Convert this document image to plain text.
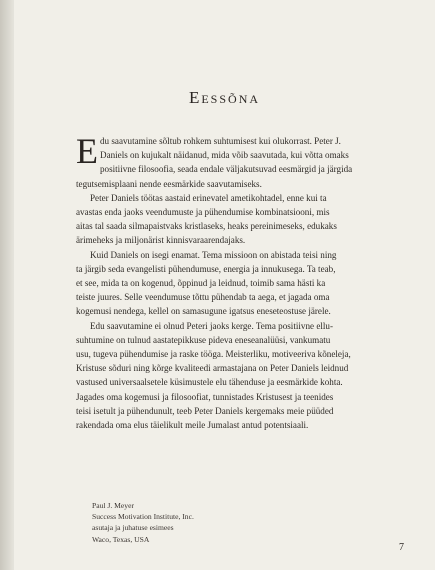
Eessõna
E du saavutamine sõltub rohkem suhtumisest kui olukorrast. Peter J.
Daniels on kujukalt näidanud, mida võib saavutada, kui võtta omaks
positiivne filosoofia, seada endale väljakutsuvad eesmärgid ja järgida
tegutsemisplaani nende eesmärkide saavutamiseks.
Peter Daniels töötas aastaid erinevatel ametikohtadel, enne kui ta
avastas enda jaoks veendumuste ja pühendumise kombinatsiooni, mis
aitas tal saada silmapaistvaks kristlaseks, heaks pereinimeseks, edukaks
ärimeheks ja miljonärist kinnisvaraarendajaks.
Kuid Daniels on isegi enamat. Tema missioon on abistada teisi ning
ta järgib seda evangelisti pühendumuse, energia ja innukusega. Ta teab,
et see, mida ta on kogenud, õppinud ja leidnud, toimib sama hästi ka
teiste juures. Selle veendumuse tõttu pühendab ta aega, et jagada oma
kogemusi nendega, kellel on samasugune igatsus eneseteostuse järele.
Edu saavutamine ei olnud Peteri jaoks kerge. Tema positiivne ellu-
suhtumine on tulnud aastatepikkuse pideva eneseanalüüsi, vankumatu
usu, tugeva pühendumise ja raske tööga. Meisterliku, motiveeriva kõneleja,
Kristuse sõduri ning kõrge kvaliteedi armastajana on Peter Daniels leidnud
vastused universaalsetele küsimustele elu tähenduse ja eesmärkide kohta.
Jagades oma kogemusi ja filosoofiat, tunnistades Kristusest ja teenides
teisi isetult ja pühendunult, teeb Peter Daniels kergemaks meie püüded
rakendada oma elus täielikult meile Jumalast antud potentsiaali.
Paul J. Meyer
Success Motivation Institute, Inc.
asutaja ja juhatuse esimees
Waco, Texas, USA
7
